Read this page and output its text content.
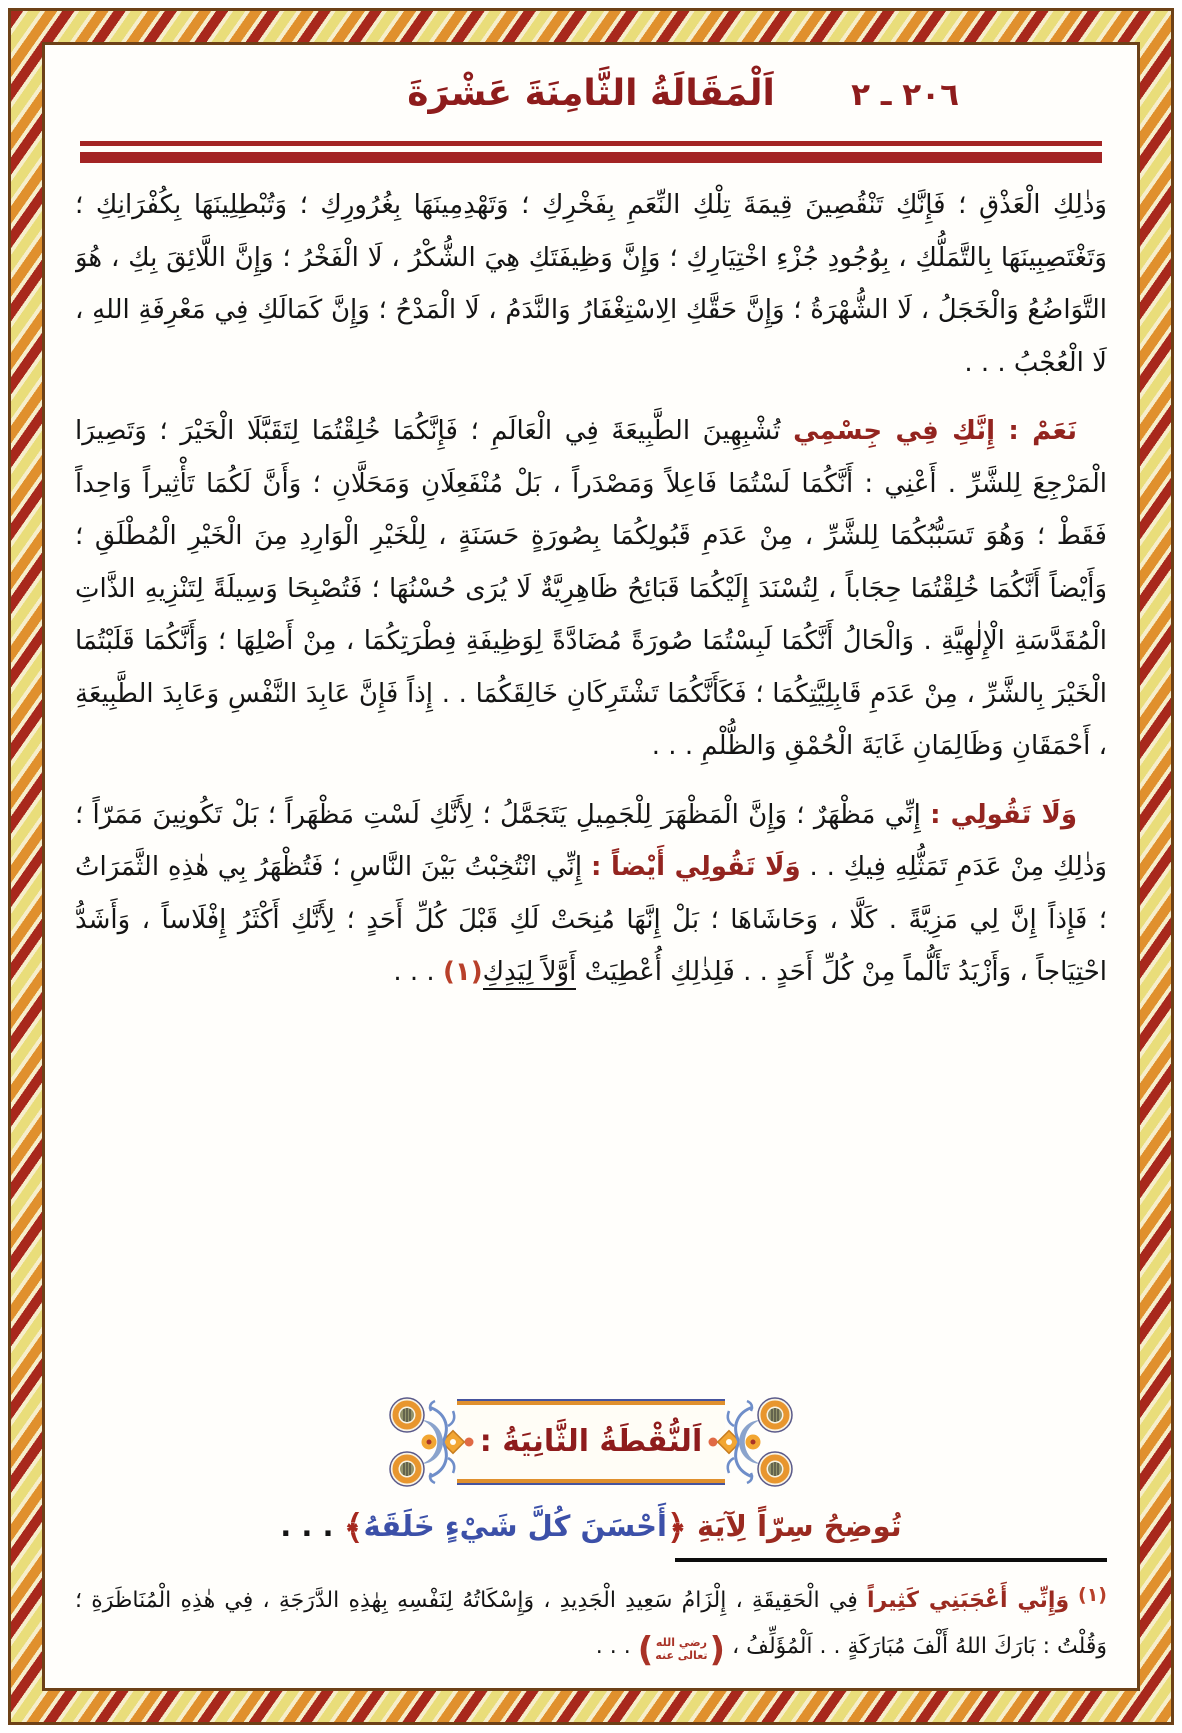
اَلْمَقَالَةُ الثَّامِنَةَ عَشْرَةَ	٢٠٦ ـ ٢

وَذٰلِكِ الْعَذْقِ ؛ فَإِنَّكِ تَنْقُصِينَ قِيمَةَ تِلْكِ النِّعَمِ بِفَخْرِكِ ؛ وَتَهْدِمِينَهَا بِغُرُورِكِ ؛ وَتُبْطِلِينَهَا بِكُفْرَانِكِ ؛ وَتَغْتَصِبِينَهَا بِالتَّمَلُّكِ ، بِوُجُودِ جُزْءِ اخْتِيَارِكِ ؛ وَإِنَّ وَظِيفَتَكِ هِيَ الشُّكْرُ ، لَا الْفَخْرُ ؛ وَإِنَّ اللَّائِقَ بِكِ ، هُوَ التَّوَاضُعُ وَالْخَجَلُ ، لَا الشُّهْرَةُ ؛ وَإِنَّ حَقَّكِ الِاسْتِغْفَارُ وَالنَّدَمُ ، لَا الْمَدْحُ ؛ وَإِنَّ كَمَالَكِ فِي مَعْرِفَةِ اللهِ ، لَا الْعُجْبُ . . .

نَعَمْ : إِنَّكِ فِي جِسْمِي تُشْبِهِينَ الطَّبِيعَةَ فِي الْعَالَمِ ؛ فَإِنَّكُمَا خُلِقْتُمَا لِتَقَبَّلَا الْخَيْرَ ؛ وَتَصِيرَا الْمَرْجِعَ لِلشَّرِّ . أَعْنِي : أَنَّكُمَا لَسْتُمَا فَاعِلاً وَمَصْدَراً ، بَلْ مُنْفَعِلَانِ وَمَحَلَّانِ ؛ وَأَنَّ لَكُمَا تَأْثِيراً وَاحِداً فَقَطْ ؛ وَهُوَ تَسَبُّبُكُمَا لِلشَّرِّ ، مِنْ عَدَمِ قَبُولِكُمَا بِصُورَةٍ حَسَنَةٍ ، لِلْخَيْرِ الْوَارِدِ مِنَ الْخَيْرِ الْمُطْلَقِ ؛ وَأَيْضاً أَنَّكُمَا خُلِقْتُمَا حِجَاباً ، لِتُسْنَدَ إِلَيْكُمَا قَبَائِحُ ظَاهِرِيَّةٌ لَا يُرَى حُسْنُهَا ؛ فَتُصْبِحَا وَسِيلَةً لِتَنْزِيهِ الذَّاتِ الْمُقَدَّسَةِ الْإِلٰهِيَّةِ . وَالْحَالُ أَنَّكُمَا لَبِسْتُمَا صُورَةً مُضَادَّةً لِوَظِيفَةِ فِطْرَتِكُمَا ، مِنْ أَصْلِهَا ؛ وَأَنَّكُمَا قَلَبْتُمَا الْخَيْرَ بِالشَّرِّ ، مِنْ عَدَمِ قَابِلِيَّتِكُمَا ؛ فَكَأَنَّكُمَا تَشْتَرِكَانِ خَالِقَكُمَا . . إِذاً فَإِنَّ عَابِدَ النَّفْسِ وَعَابِدَ الطَّبِيعَةِ ، أَحْمَقَانِ وَظَالِمَانِ غَايَةَ الْحُمْقِ وَالظُّلْمِ . . .

وَلَا تَقُولِي : إِنِّي مَظْهَرٌ ؛ وَإِنَّ الْمَظْهَرَ لِلْجَمِيلِ يَتَجَمَّلُ ؛ لِأَنَّكِ لَسْتِ مَظْهَراً ؛ بَلْ تَكُونِينَ مَمَرّاً ؛ وَذٰلِكِ مِنْ عَدَمِ تَمَثُّلِهِ فِيكِ . . وَلَا تَقُولِي أَيْضاً : إِنِّي انْتُخِبْتُ بَيْنَ النَّاسِ ؛ فَتُظْهَرُ بِي هٰذِهِ الثَّمَرَاتُ ؛ فَإِذاً إِنَّ لِي مَزِيَّةً . كَلَّا ، وَحَاشَاهَا ؛ بَلْ إِنَّهَا مُنِحَتْ لَكِ قَبْلَ كُلِّ أَحَدٍ ؛ لِأَنَّكِ أَكْثَرُ إِفْلَاساً ، وَأَشَدُّ احْتِيَاجاً ، وَأَزْيَدُ تَأَلُّماً مِنْ كُلِّ أَحَدٍ . . فَلِذٰلِكِ أُعْطِيَتْ أَوَّلاً لِيَدِكِ(١) . . .

اَلنُّقْطَةُ الثَّانِيَةُ :
تُوضِحُ سِرّاً لِآيَةِ ﴿أَحْسَنَ كُلَّ شَيْءٍ خَلَقَهُ﴾ . . .

(١) وَإِنِّي أَعْجَبَنِي كَثِيراً فِي الْحَقِيقَةِ ، إِلْزَامُ سَعِيدِ الْجَدِيدِ ، وَإِسْكَاتُهُ لِنَفْسِهِ بِهٰذِهِ الدَّرَجَةِ ، فِي هٰذِهِ الْمُنَاظَرَةِ ؛ وَقُلْتُ : بَارَكَ اللهُ أَلْفَ مُبَارَكَةٍ . . اَلْمُؤَلِّفُ ،
(
رضي الله
تعالى عنه
)
. . .
